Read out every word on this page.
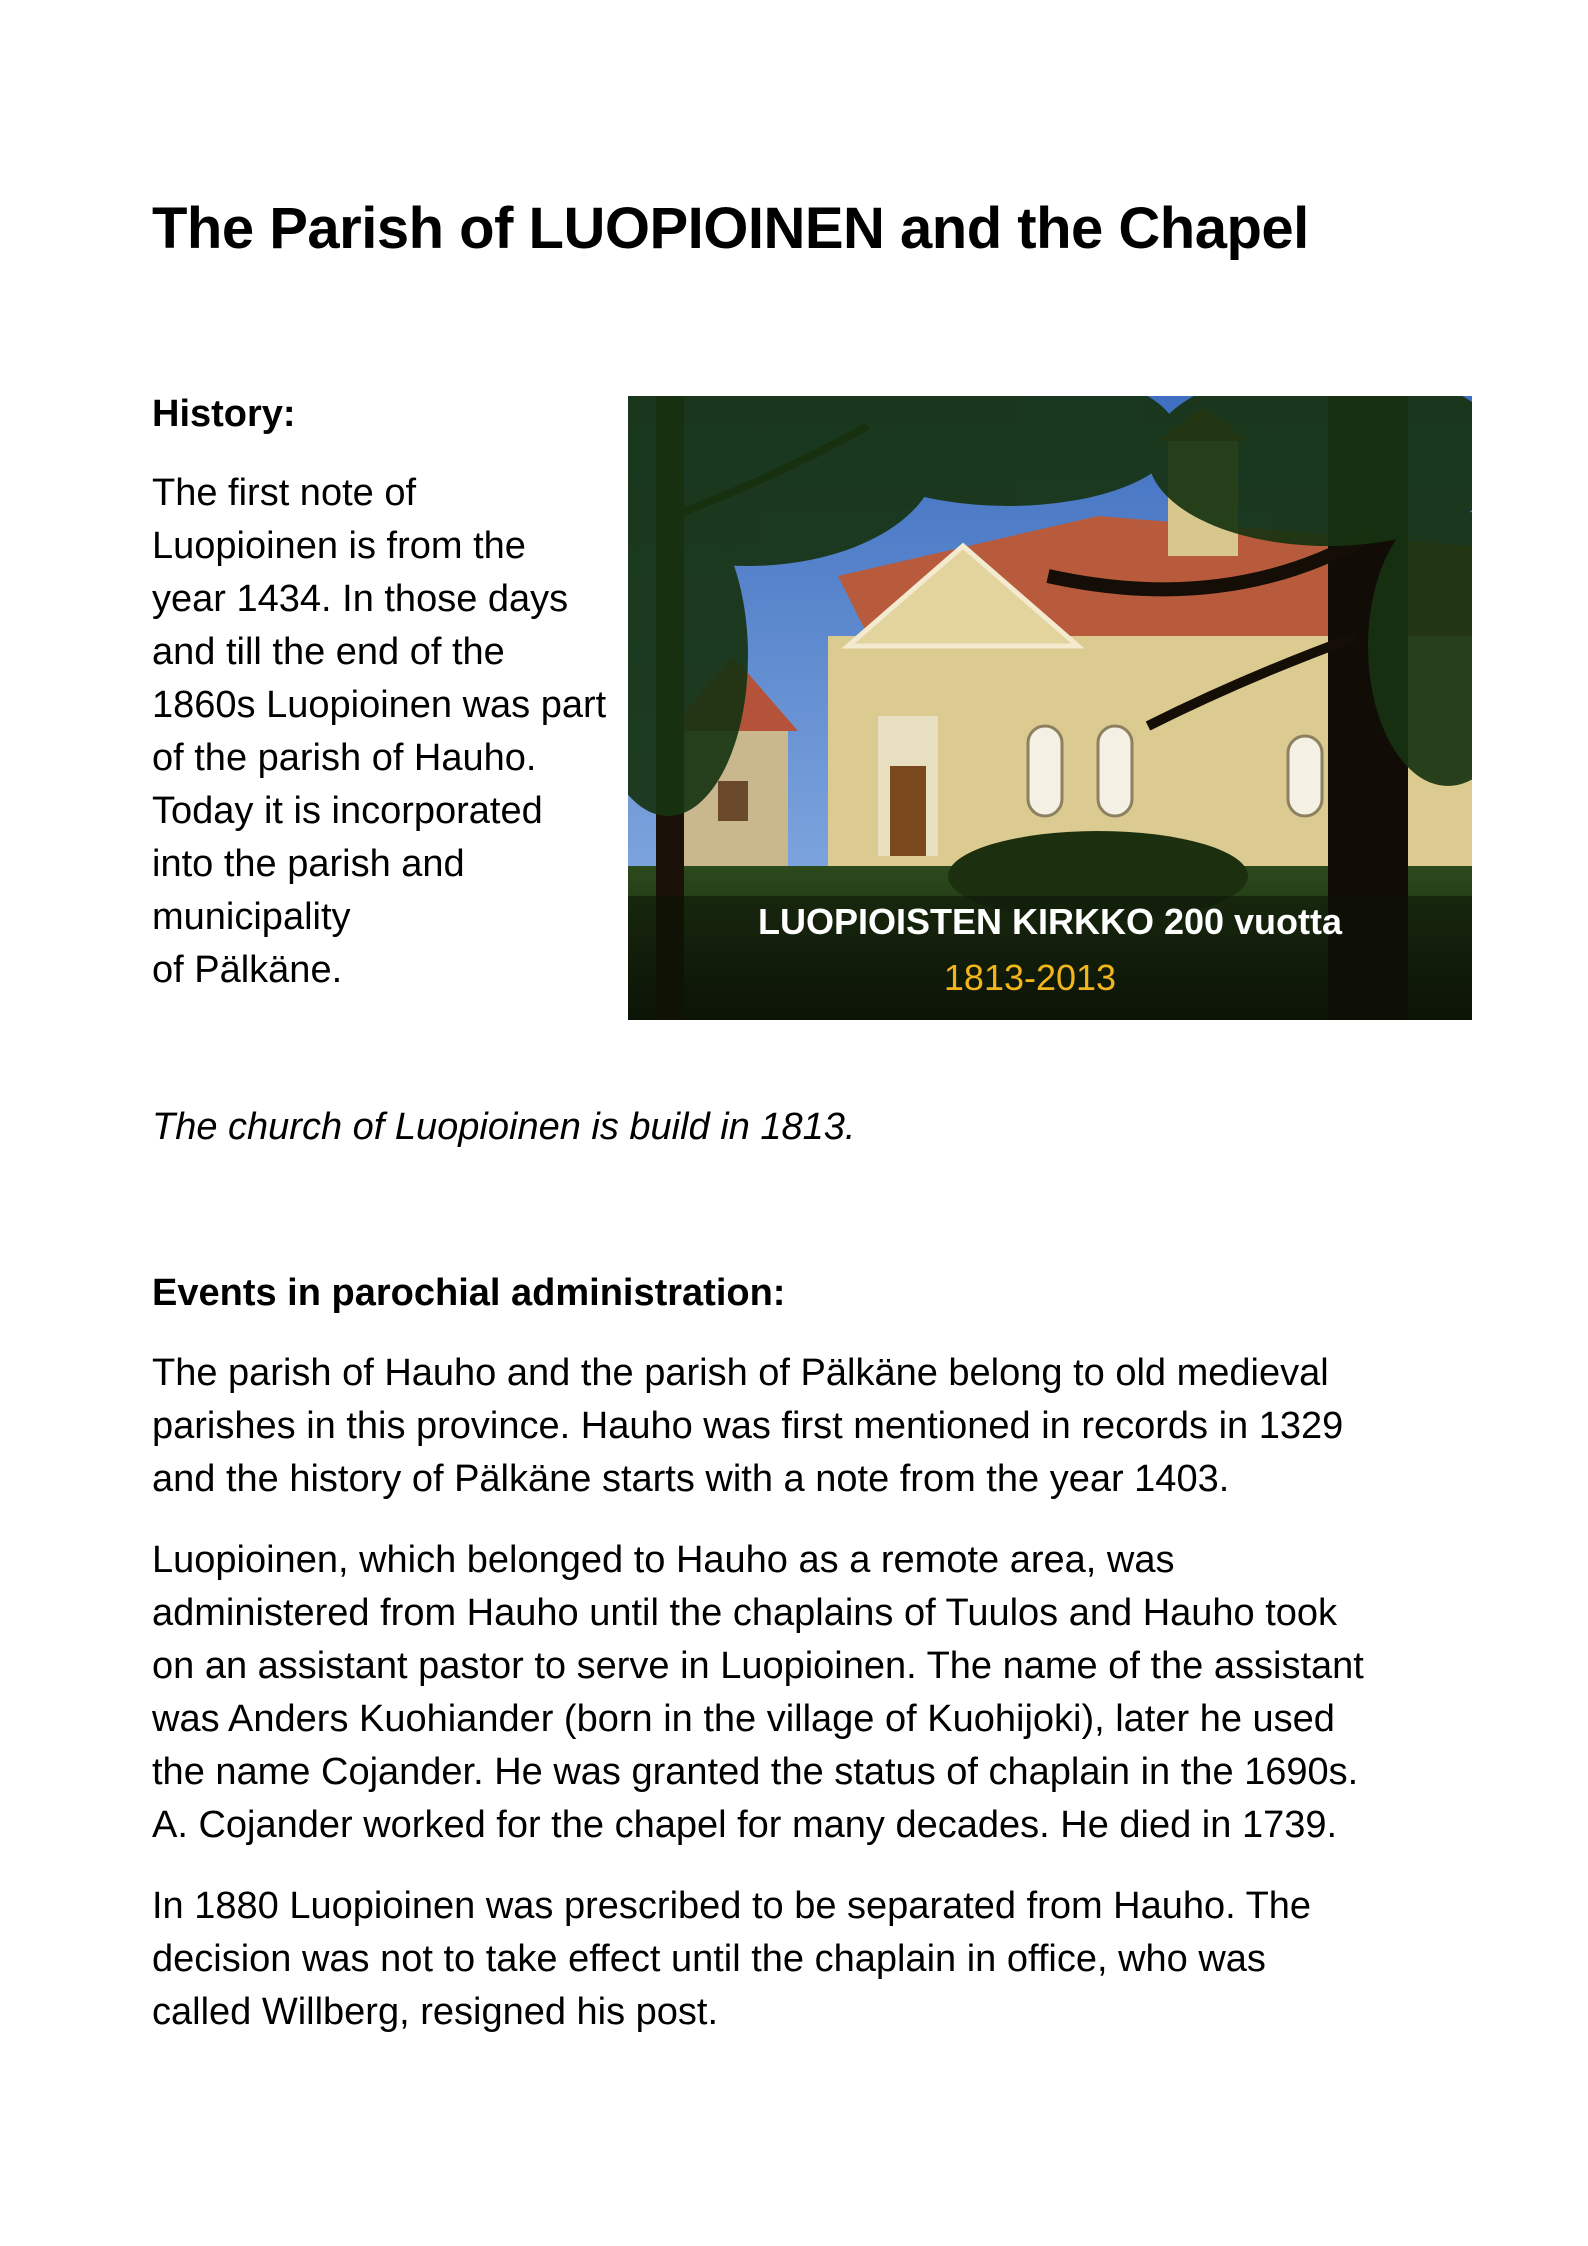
The Parish of LUOPIOINEN and the Chapel
History:

The first note of
Luopioinen is from the
year 1434. In those days
and till the end of the
1860s Luopioinen was part
of the parish of Hauho.
Today it is incorporated
into the parish and
municipality
of Pälkäne.

LUOPIOISTEN KIRKKO 200 vuotta
1813-2013

The church of Luopioinen is build in 1813.

Events in parochial administration:

The parish of Hauho and the parish of Pälkäne belong to old medieval
parishes in this province. Hauho was first mentioned in records in 1329
and the history of Pälkäne starts with a note from the year 1403.

Luopioinen, which belonged to Hauho as a remote area, was
administered from Hauho until the chaplains of Tuulos and Hauho took
on an assistant pastor to serve in Luopioinen. The name of the assistant
was Anders Kuohiander (born in the village of Kuohijoki), later he used
the name Cojander. He was granted the status of chaplain in the 1690s.
A. Cojander worked for the chapel for many decades. He died in 1739.

In 1880 Luopioinen was prescribed to be separated from Hauho. The
decision was not to take effect until the chaplain in office, who was
called Willberg, resigned his post.
